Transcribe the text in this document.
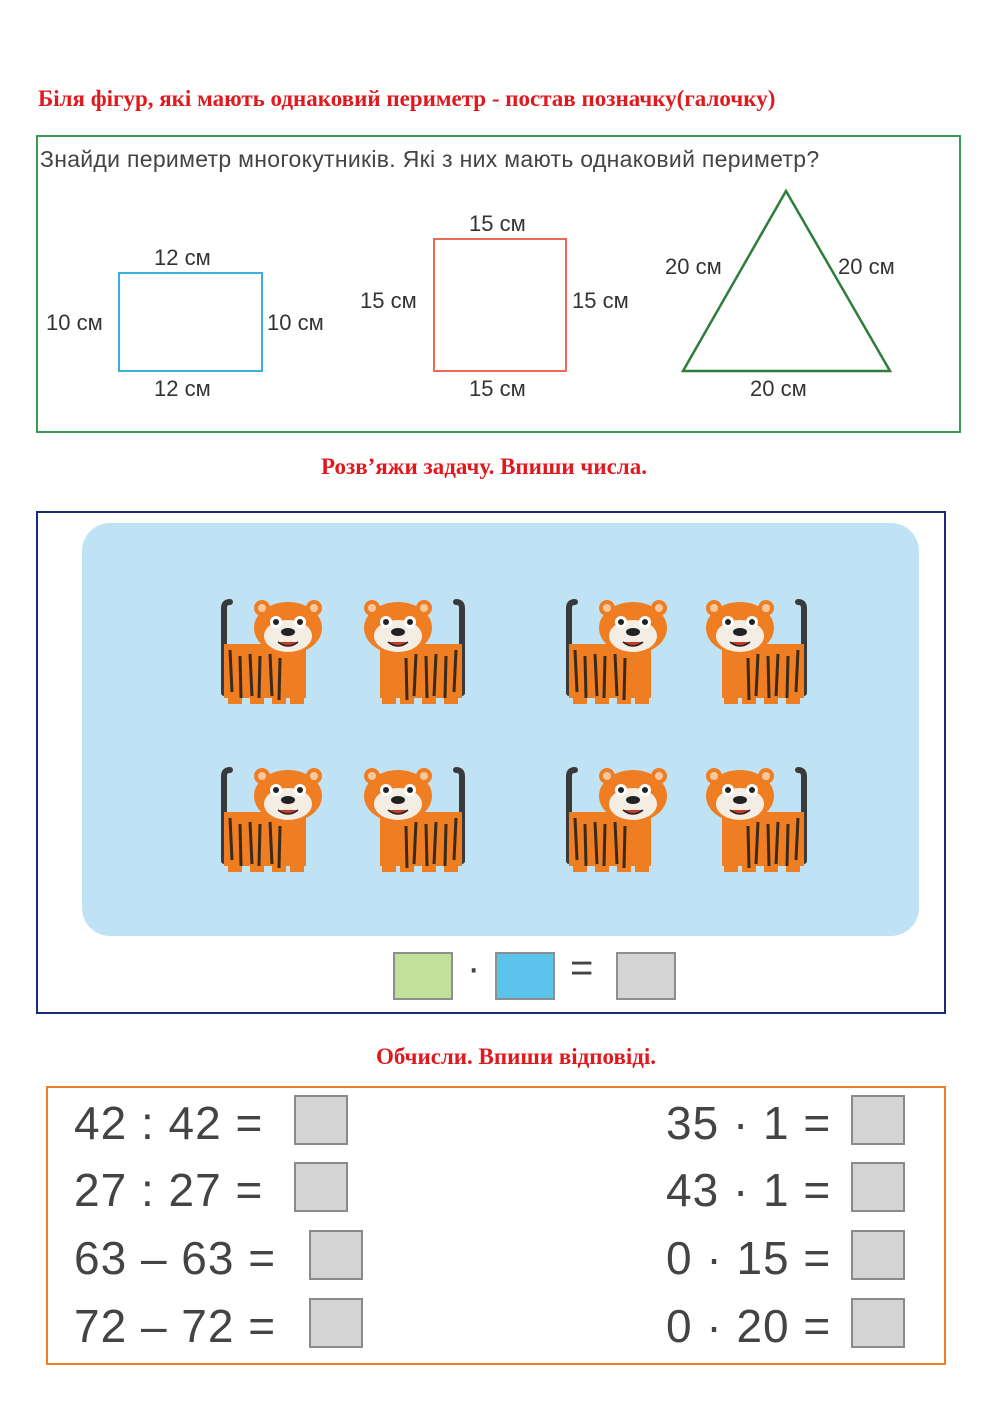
Біля фігур, які мають однаковий периметр - постав позначку(галочку)
Розв’яжи задачу. Впиши числа.
Обчисли. Впиши відповіді.
Знайди периметр многокутників. Які з них мають однаковий периметр?
12 см
12 см
10 см	10 см
15 см
15 см
15 см	15 см
20 см	20 см
20 см
· =
42 : 42 =
27 : 27 =
63 – 63 =
72 – 72 =
35 · 1 =
43 · 1 =
0 · 15 =
0 · 20 =
